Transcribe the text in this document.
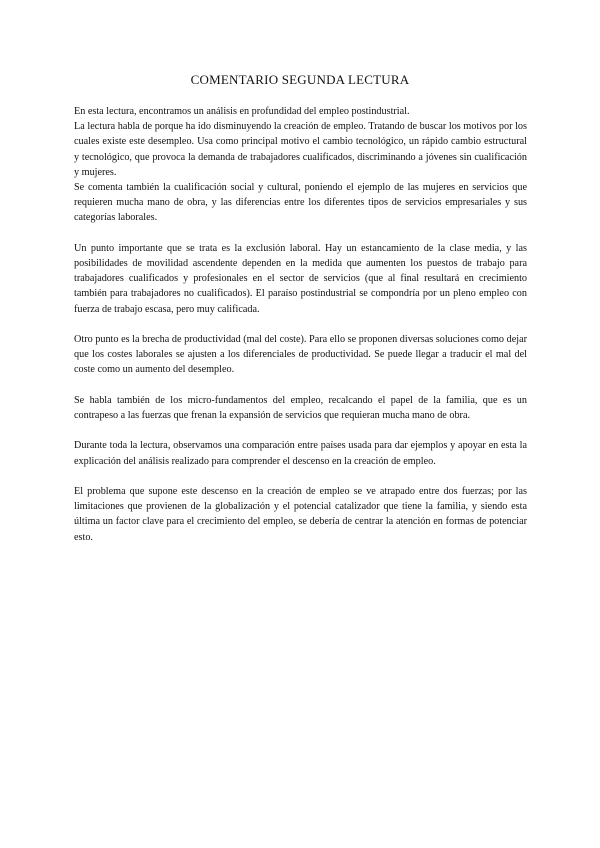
COMENTARIO SEGUNDA LECTURA

En esta lectura, encontramos un análisis en profundidad del empleo postindustrial.

La lectura habla de porque ha ido disminuyendo la creación de empleo. Tratando de buscar los motivos por los cuales existe este desempleo. Usa como principal motivo el cambio tecnológico, un rápido cambio estructural y tecnológico, que provoca la demanda de trabajadores cualificados, discriminando a jóvenes sin cualificación y mujeres.

Se comenta también la cualificación social y cultural, poniendo el ejemplo de las mujeres en servicios que requieren mucha mano de obra, y las diferencias entre los diferentes tipos de servicios empresariales y sus categorías laborales.

Un punto importante que se trata es la exclusión laboral. Hay un estancamiento de la clase media, y las posibilidades de movilidad ascendente dependen en la medida que aumenten los puestos de trabajo para trabajadores cualificados y profesionales en el sector de servicios (que al final resultará en crecimiento también para trabajadores no cualificados). El paraíso postindustrial se compondría por un pleno empleo con fuerza de trabajo escasa, pero muy calificada.

Otro punto es la brecha de productividad (mal del coste). Para ello se proponen diversas soluciones como dejar que los costes laborales se ajusten a los diferenciales de productividad. Se puede llegar a traducir el mal del coste como un aumento del desempleo.

Se habla también de los micro-fundamentos del empleo, recalcando el papel de la familia, que es un contrapeso a las fuerzas que frenan la expansión de servicios que requieran mucha mano de obra.

Durante toda la lectura, observamos una comparación entre países usada para dar ejemplos y apoyar en esta la explicación del análisis realizado para comprender el descenso en la creación de empleo.

El problema que supone este descenso en la creación de empleo se ve atrapado entre dos fuerzas; por las limitaciones que provienen de la globalización y el potencial catalizador que tiene la familia, y siendo esta última un factor clave para el crecimiento del empleo, se debería de centrar la atención en formas de potenciar esto.
